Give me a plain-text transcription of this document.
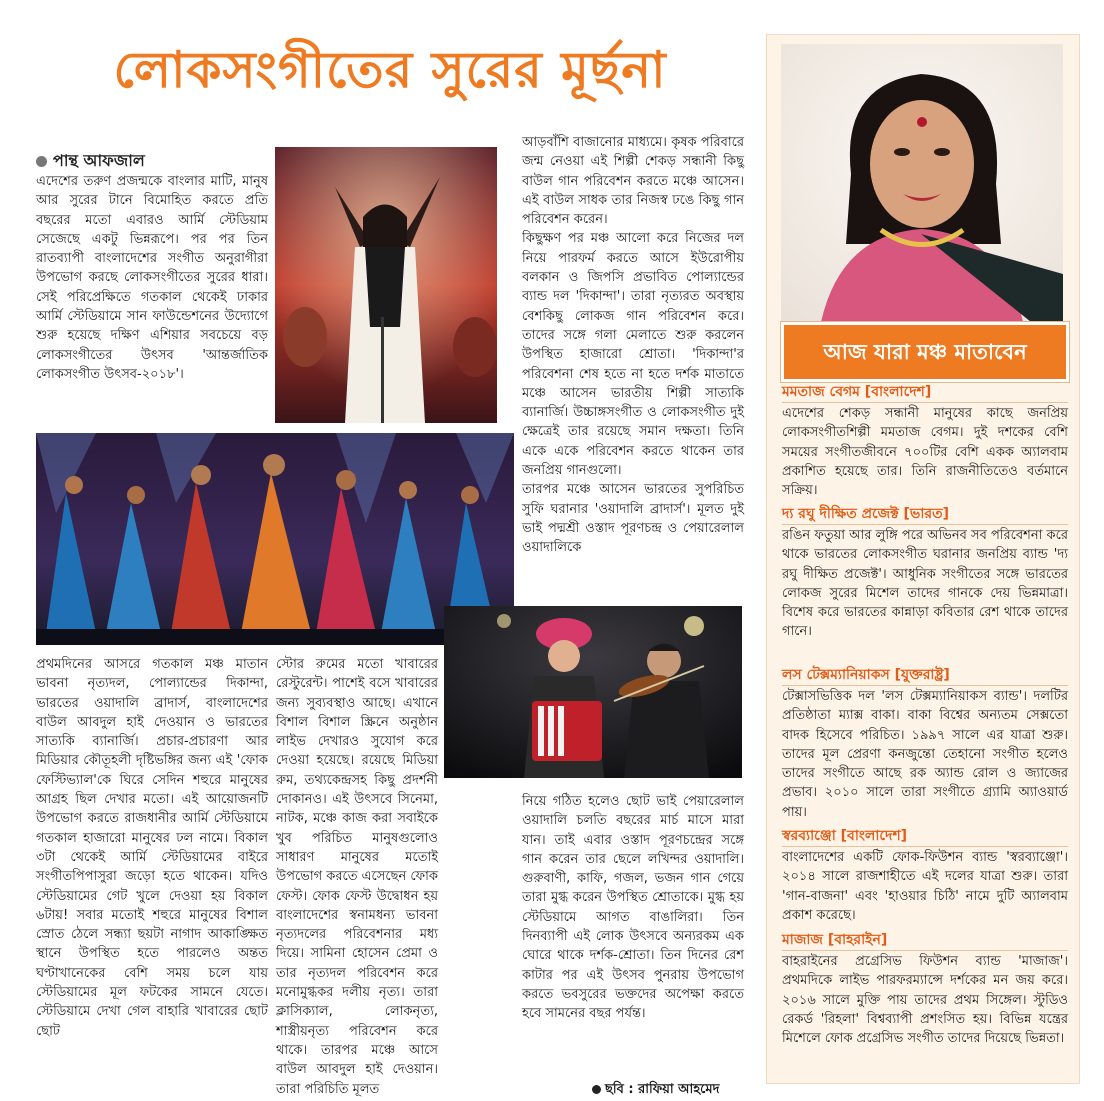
লোকসংগীতের সুরের মূর্ছনা
পান্থ আফজাল

এদেশের তরুণ প্রজন্মকে বাংলার মাটি, মানুষ আর সুরের টানে বিমোহিত করতে প্রতি বছরের মতো এবারও আর্মি স্টেডিয়াম সেজেছে একটু ভিন্নরূপে। পর পর তিন রাতব্যাপী বাংলাদেশের সংগীত অনুরাগীরা উপভোগ করছে লোকসংগীতের সুরের ধারা। সেই পরিপ্রেক্ষিতে গতকাল থেকেই ঢাকার আর্মি স্টেডিয়ামে সান ফাউন্ডেশনের উদ্যোগে শুরু হয়েছে দক্ষিণ এশিয়ার সবচেয়ে বড় লোকসংগীতের উৎসব 'আন্তর্জাতিক লোকসংগীত উৎসব-২০১৮'।

আড়বাঁশি বাজানোর মাধ্যমে। কৃষক পরিবারে জন্ম নেওয়া এই শিল্পী শেকড় সন্ধানী কিছু বাউল গান পরিবেশন করতে মঞ্চে আসেন। এই বাউল সাধক তার নিজস্ব ঢঙে কিছু গান পরিবেশন করেন।

কিছুক্ষণ পর মঞ্চ আলো করে নিজের দল নিয়ে পারফর্ম করতে আসে ইউরোপীয় বলকান ও জিপসি প্রভাবিত পোল্যান্ডের ব্যান্ড দল 'দিকান্দা'। তারা নৃত্যরত অবস্থায় বেশকিছু লোকজ গান পরিবেশন করে। তাদের সঙ্গে গলা মেলাতে শুরু করলেন উপস্থিত হাজারো শ্রোতা। 'দিকান্দা'র পরিবেশনা শেষ হতে না হতে দর্শক মাতাতে মঞ্চে আসেন ভারতীয় শিল্পী সাত্যকি ব্যানার্জি। উচ্চাঙ্গসংগীত ও লোকসংগীত দুই ক্ষেত্রেই তার রয়েছে সমান দক্ষতা। তিনি একে একে পরিবেশন করতে থাকেন তার জনপ্রিয় গানগুলো।

তারপর মঞ্চে আসেন ভারতের সুপরিচিত সুফি ঘরানার 'ওয়াদালি ব্রাদার্স'। মূলত দুই ভাই পদ্মশ্রী ওস্তাদ পূরণচন্দ্র ও পেয়ারেলাল ওয়াদালিকে

প্রথমদিনের আসরে গতকাল মঞ্চ মাতান ভাবনা নৃত্যদল, পোল্যান্ডের দিকান্দা, ভারতের ওয়াদালি ব্রাদার্স, বাংলাদেশের বাউল আবদুল হাই দেওয়ান ও ভারতের সাত্যকি ব্যানার্জি। প্রচার-প্রচারণা আর মিডিয়ার কৌতূহলী দৃষ্টিভঙ্গির জন্য এই 'ফোক ফেস্টিভ্যাল'কে ঘিরে সেদিন শহুরে মানুষের আগ্রহ ছিল দেখার মতো। এই আয়োজনটি উপভোগ করতে রাজধানীর আর্মি স্টেডিয়ামে গতকাল হাজারো মানুষের ঢল নামে। বিকাল ৩টা থেকেই আর্মি স্টেডিয়ামের বাইরে সংগীতপিপাসুরা জড়ো হতে থাকেন। যদিও স্টেডিয়ামের গেট খুলে দেওয়া হয় বিকাল ৬টায়! সবার মতোই শহুরে মানুষের বিশাল স্রোত ঠেলে সন্ধ্যা ছয়টা নাগাদ আকাঙ্ক্ষিত স্থানে উপস্থিত হতে পারলেও অন্তত ঘণ্টাখানেকের বেশি সময় চলে যায় স্টেডিয়ামের মূল ফটকের সামনে যেতে। স্টেডিয়ামে দেখা গেল বাহারি খাবারের ছোট ছোট

স্টোর রুমের মতো খাবারের রেস্টুরেন্ট। পাশেই বসে খাবারের জন্য সুব্যবস্থাও আছে। এখানে বিশাল বিশাল স্ক্রিনে অনুষ্ঠান লাইভ দেখারও সুযোগ করে দেওয়া হয়েছে। রয়েছে মিডিয়া রুম, তথ্যকেন্দ্রসহ কিছু প্রদর্শনী দোকানও। এই উৎসবে সিনেমা, নাটক, মঞ্চে কাজ করা সবাইকে খুব পরিচিত মানুষগুলোও সাধারণ মানুষের মতোই উপভোগ করতে এসেছেন ফোক ফেস্ট। ফোক ফেস্ট উদ্বোধন হয় বাংলাদেশের স্বনামধন্য ভাবনা নৃত্যদলের পরিবেশনার মধ্য দিয়ে। সামিনা হোসেন প্রেমা ও তার নৃত্যদল পরিবেশন করে মনোমুগ্ধকর দলীয় নৃত্য। তারা ক্লাসিক্যাল, লোকনৃত্য, শাস্ত্রীয়নৃত্য পরিবেশন করে থাকে। তারপর মঞ্চে আসে বাউল আবদুল হাই দেওয়ান। তারা পরিচিতি মূলত

নিয়ে গঠিত হলেও ছোট ভাই পেয়ারেলাল ওয়াদালি চলতি বছরের মার্চ মাসে মারা যান। তাই এবার ওস্তাদ পূরণচন্দ্রের সঙ্গে গান করেন তার ছেলে লখিন্দর ওয়াদালি। গুরুবাণী, কাফি, গজল, ভজন গান গেয়ে তারা মুগ্ধ করেন উপস্থিত শ্রোতাকে। মুগ্ধ হয় স্টেডিয়ামে আগত বাঙালিরা। তিন দিনব্যাপী এই লোক উৎসবে অন্যরকম এক ঘোরে থাকে দর্শক-শ্রোতা। তিন দিনের রেশ কাটার পর এই উৎসব পুনরায় উপভোগ করতে ভবসুরের ভক্তদের অপেক্ষা করতে হবে সামনের বছর পর্যন্ত।

ছবি : রাফিয়া আহমেদ
আজ যারা মঞ্চ মাতাবেন
মমতাজ বেগম [বাংলাদেশ]
এদেশের শেকড় সন্ধানী মানুষের কাছে জনপ্রিয় লোকসংগীতশিল্পী মমতাজ বেগম। দুই দশকের বেশি সময়ের সংগীতজীবনে ৭০০টির বেশি একক অ্যালবাম প্রকাশিত হয়েছে তার। তিনি রাজনীতিতেও বর্তমানে সক্রিয়।
দ্য রঘু দীক্ষিত প্রজেক্ট [ভারত]
রঙিন ফতুয়া আর লুঙ্গি পরে অভিনব সব পরিবেশনা করে থাকে ভারতের লোকসংগীত ঘরানার জনপ্রিয় ব্যান্ড 'দ্য রঘু দীক্ষিত প্রজেক্ট'। আধুনিক সংগীতের সঙ্গে ভারতের লোকজ সুরের মিশেল তাদের গানকে দেয় ভিন্নমাত্রা। বিশেষ করে ভারতের কান্নাড়া কবিতার রেশ থাকে তাদের গানে।
লস টেক্সম্যানিয়াকস [যুক্তরাষ্ট্র]
টেক্সাসভিত্তিক দল 'লস টেক্সম্যানিয়াকস ব্যান্ড'। দলটির প্রতিষ্ঠাতা ম্যাক্স বাকা। বাকা বিশ্বের অন্যতম সেক্সতো বাদক হিসেবে পরিচিত। ১৯৯৭ সালে এর যাত্রা শুরু। তাদের মূল প্রেরণা কনজুন্তো তেহানো সংগীত হলেও তাদের সংগীতে আছে রক অ্যান্ড রোল ও জ্যাজের প্রভাব। ২০১০ সালে তারা সংগীতে গ্র্যামি অ্যাওয়ার্ড পায়।
স্বরব্যাঞ্জো [বাংলাদেশ]
বাংলাদেশের একটি ফোক-ফিউশন ব্যান্ড 'স্বরব্যাঞ্জো'। ২০১৪ সালে রাজশাহীতে এই দলের যাত্রা শুরু। তারা 'গান-বাজনা' এবং 'হাওয়ার চিঠি' নামে দুটি অ্যালবাম প্রকাশ করেছে।
মাজাজ [বাহরাইন]
বাহরাইনের প্রগ্রেসিভ ফিউশন ব্যান্ড 'মাজাজ'। প্রথমদিকে লাইভ পারফরম্যান্সে দর্শকের মন জয় করে। ২০১৬ সালে মুক্তি পায় তাদের প্রথম সিঙ্গেল। স্টুডিও রেকর্ড 'রিহলা' বিশ্বব্যাপী প্রশংসিত হয়। বিভিন্ন যন্ত্রের মিশেলে ফোক প্রগ্রেসিভ সংগীত তাদের দিয়েছে ভিন্নতা।
